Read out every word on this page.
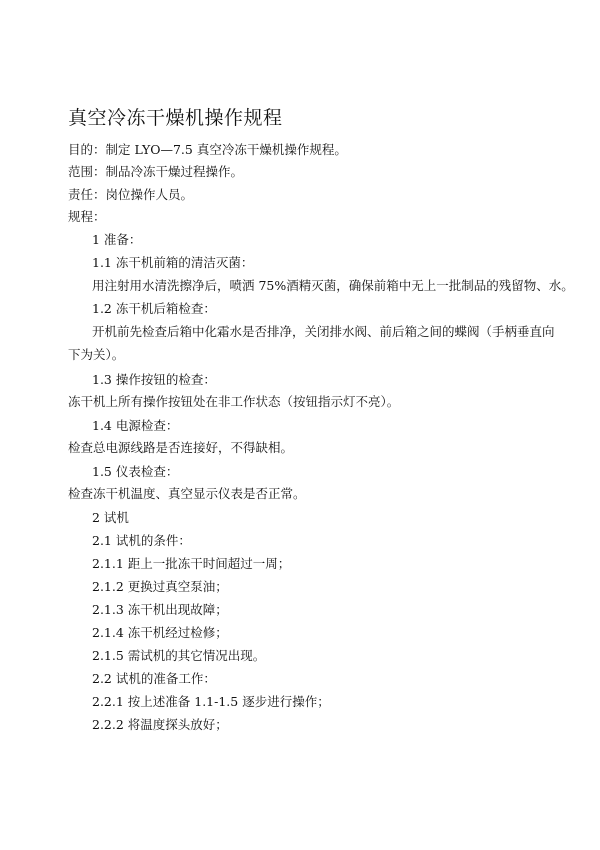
真空冷冻干燥机操作规程
目的：制定 LYO—7.5 真空冷冻干燥机操作规程。
范围：制品冷冻干燥过程操作。
责任：岗位操作人员。
规程：
1 准备：
1.1 冻干机前箱的清洁灭菌：
用注射用水清洗擦净后，喷洒 75%酒精灭菌，确保前箱中无上一批制品的残留物、水。
1.2 冻干机后箱检查：
开机前先检查后箱中化霜水是否排净，关闭排水阀、前后箱之间的蝶阀（手柄垂直向
下为关）。
1.3 操作按钮的检查：
冻干机上所有操作按钮处在非工作状态（按钮指示灯不亮）。
1.4 电源检查：
检查总电源线路是否连接好，不得缺相。
1.5 仪表检查：
检查冻干机温度、真空显示仪表是否正常。
2 试机
2.1 试机的条件：
2.1.1 距上一批冻干时间超过一周；
2.1.2 更换过真空泵油；
2.1.3 冻干机出现故障；
2.1.4 冻干机经过检修；
2.1.5 需试机的其它情况出现。
2.2 试机的准备工作：
2.2.1 按上述准备 1.1-1.5 逐步进行操作；
2.2.2 将温度探头放好；
